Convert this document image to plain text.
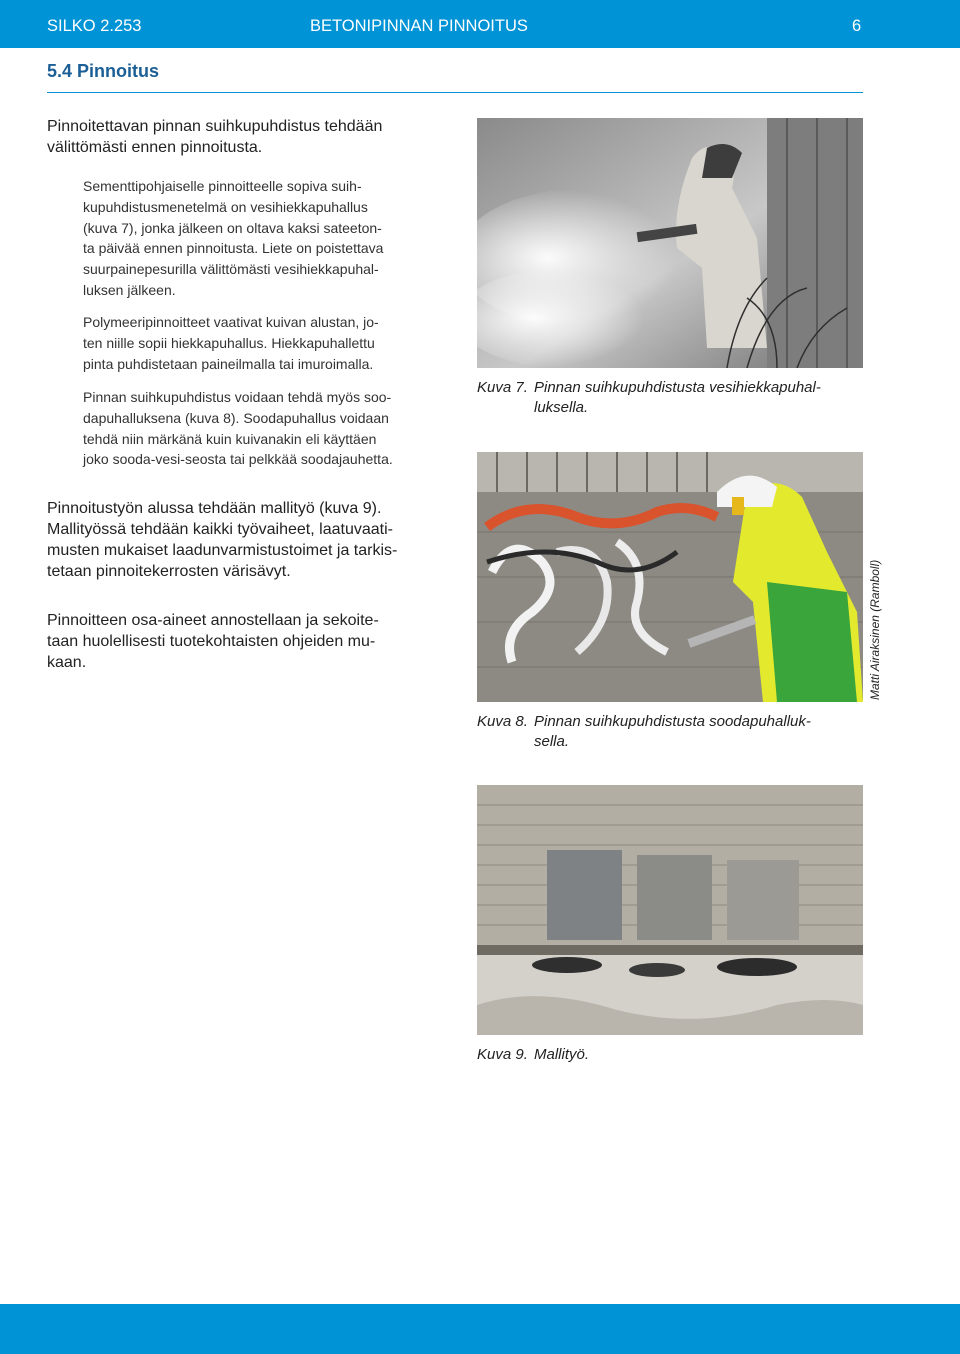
SILKO 2.253	BETONIPINNAN PINNOITUS	6
5.4 Pinnoitus

Pinnoitettavan pinnan suihkupuhdistus tehdään
välittömästi ennen pinnoitusta.

Sementtipohjaiselle pinnoitteelle sopiva suih-
kupuhdistusmenetelmä on vesihiekkapuhallus
(kuva 7), jonka jälkeen on oltava kaksi sateeton-
ta päivää ennen pinnoitusta. Liete on poistettava
suurpainepesurilla välittömästi vesihiekkapuhal-
luksen jälkeen.

Polymeeripinnoitteet vaativat kuivan alustan, jo-
ten niille sopii hiekkapuhallus. Hiekkapuhallettu
pinta puhdistetaan paineilmalla tai imuroimalla.

Pinnan suihkupuhdistus voidaan tehdä myös soo-
dapuhalluksena (kuva 8). Soodapuhallus voidaan
tehdä niin märkänä kuin kuivanakin eli käyttäen
joko sooda-vesi-seosta tai pelkkää soodajauhetta.

Pinnoitustyön alussa tehdään mallityö (kuva 9).
Mallityössä tehdään kaikki työvaiheet, laatuvaati-
musten mukaiset laadunvarmistustoimet ja tarkis-
tetaan pinnoitekerrosten värisävyt.

Pinnoitteen osa-aineet annostellaan ja sekoite-
taan huolellisesti tuotekohtaisten ohjeiden mu-
kaan.

Kuva 7. Pinnan suihkupuhdistusta vesihiekkapuhal-
luksella.
Matti Airaksinen (Ramboll)
Kuva 8. Pinnan suihkupuhdistusta soodapuhalluk-
sella.
Kuva 9. Mallityö.
